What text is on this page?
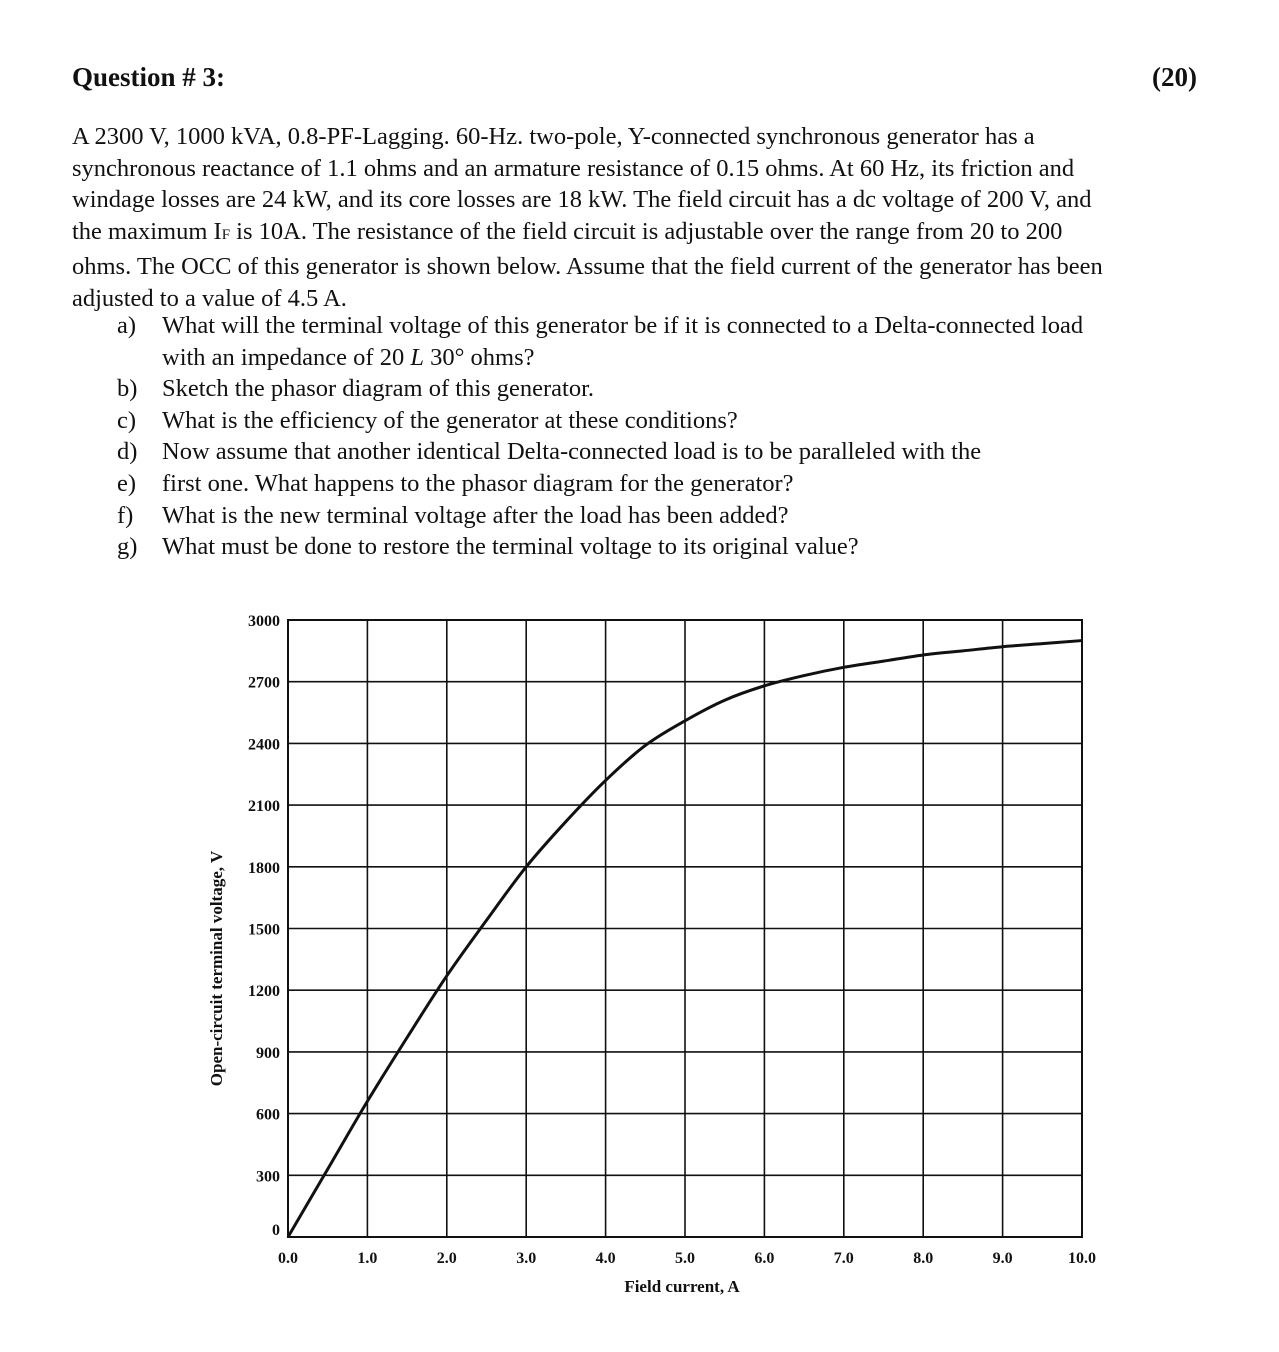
Question # 3:	(20)
A 2300 V, 1000 kVA, 0.8-PF-Lagging. 60-Hz. two-pole, Y-connected synchronous generator has a
synchronous reactance of 1.1 ohms and an armature resistance of 0.15 ohms. At 60 Hz, its friction and
windage losses are 24 kW, and its core losses are 18 kW. The field circuit has a dc voltage of 200 V, and
the maximum IF is 10A. The resistance of the field circuit is adjustable over the range from 20 to 200
ohms. The OCC of this generator is shown below. Assume that the field current of the generator has been
adjusted to a value of 4.5 A.
a) What will the terminal voltage of this generator be if it is connected to a Delta-connected load
with an impedance of 20 L 30° ohms?
b) Sketch the phasor diagram of this generator.
c) What is the efficiency of the generator at these conditions?
d) Now assume that another identical Delta-connected load is to be paralleled with the
e) first one. What happens to the phasor diagram for the generator?
f) What is the new terminal voltage after the load has been added?
g) What must be done to restore the terminal voltage to its original value?
0.0	1.0	2.0	3.0	4.0	5.0	6.0	7.0	8.0	9.0	10.0
0
300
600
900
1200
1500
1800
2100
2400
2700
3000
Field current, A
Open-circuit terminal voltage, V
